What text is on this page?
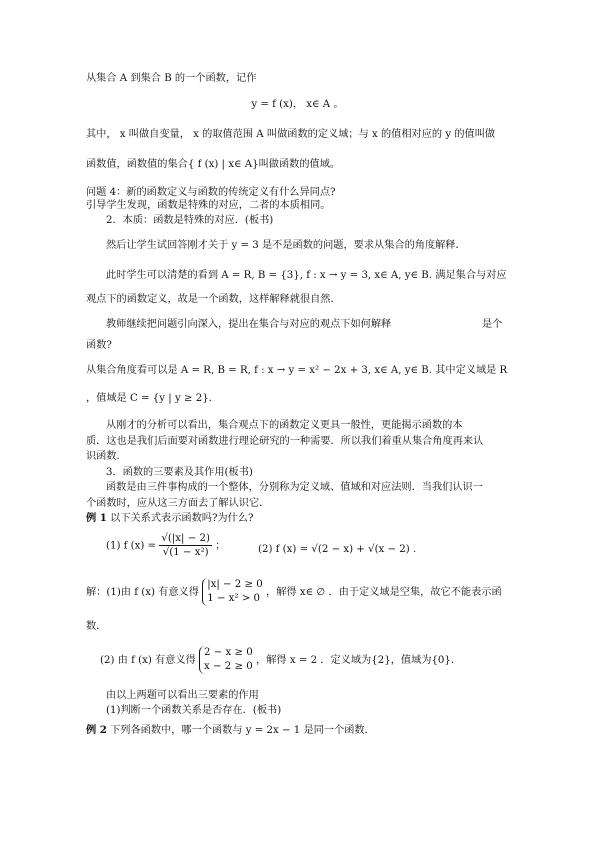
从集合 A 到集合 B 的一个函数，记作
y = f (x)， x∈ A 。
其中， x 叫做自变量， x 的取值范围 A 叫做函数的定义域；与 x 的值相对应的 y 的值叫做
函数值，函数值的集合{ f (x) | x∈ A}叫做函数的值域。
问题 4：新的函数定义与函数的传统定义有什么异同点?
引导学生发现，函数是特殊的对应，二者的本质相同。
2．本质：函数是特殊的对应．(板书)
然后让学生试回答刚才关于 y = 3 是不是函数的问题，要求从集合的角度解释．
此时学生可以清楚的看到 A = R, B = {3}, f : x → y = 3, x∈ A, y∈ B. 满足集合与对应
观点下的函数定义，故是一个函数，这样解释就很自然．
教师继续把问题引向深入，提出在集合与对应的观点下如何解释	是个
函数?
从集合角度看可以是 A = R, B = R, f : x → y = x² − 2x + 3, x∈ A, y∈ B. 其中定义域是 R
，值域是 C = {y | y ≥ 2}．
从刚才的分析可以看出，集合观点下的函数定义更具一般性，更能揭示函数的本
质．这也是我们后面要对函数进行理论研究的一种需要．所以我们着重从集合角度再来认
识函数．
3．函数的三要素及其作用(板书)
函数是由三件事构成的一个整体，分别称为定义域、值域和对应法则．当我们认识一
个函数时，应从这三方面去了解认识它．
例 1 以下关系式表示函数吗?为什么?
(1) f $(x) = \frac{√(|x| - 2)}{\text{√(1 − x²)}}$ ；	(2) f (x) = √(2 − x) + √(x − 2) .
解：(1)由 f (x) 有意义得
|x| − 2 ≥ 0
1 − x² > 0
，解得 x∈ ∅ ．由于定义域是空集，故它不能表示函
数．
(2) 由 f (x) 有意义得
2 − x ≥ 0
x − 2 ≥ 0
，解得 x = 2 ．定义域为{2}，值域为{0}．
由以上两题可以看出三要素的作用
(1)判断一个函数关系是否存在．(板书)
例 2 下列各函数中，哪一个函数与 y = 2x − 1 是同一个函数．
